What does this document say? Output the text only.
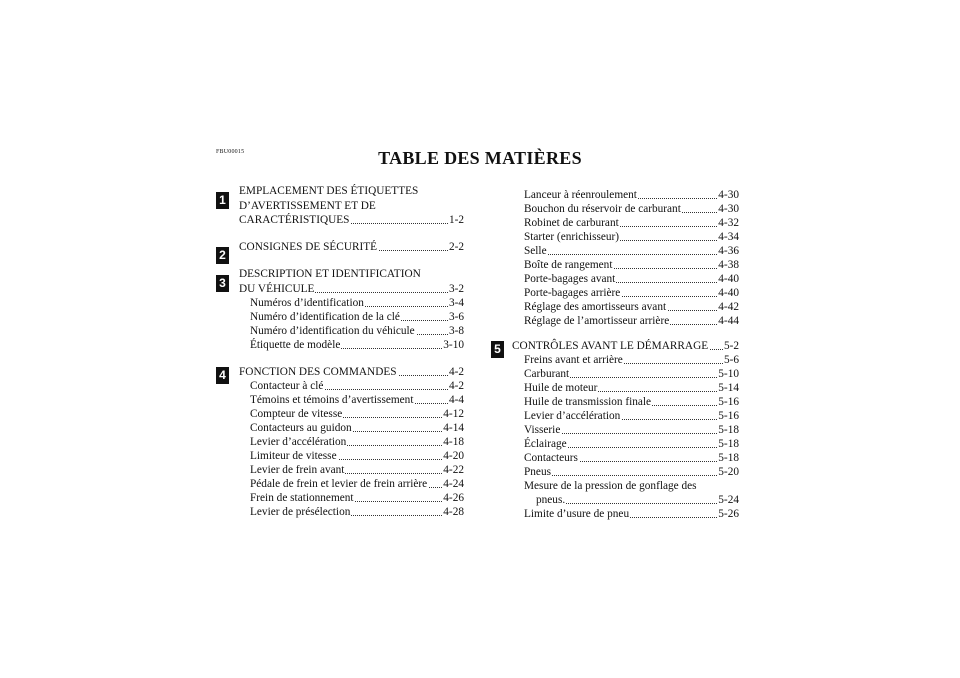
FBU00015	TABLE DES MATIÈRES
1
2
3
4
5
EMPLACEMENT DES ÉTIQUETTES
D’AVERTISSEMENT ET DE
CARACTÉRISTIQUES	1-2
CONSIGNES DE SÉCURITÉ	2-2
DESCRIPTION ET IDENTIFICATION
DU VÉHICULE	3-2
Numéros d’identification	3-4
Numéro d’identification de la clé	3-6
Numéro d’identification du véhicule	3-8
Étiquette de modèle	3-10
FONCTION DES COMMANDES	4-2
Contacteur à clé	4-2
Témoins et témoins d’avertissement	4-4
Compteur de vitesse	4-12
Contacteurs au guidon	4-14
Levier d’accélération	4-18
Limiteur de vitesse	4-20
Levier de frein avant	4-22
Pédale de frein et levier de frein arrière 4-24
Frein de stationnement	4-26
Levier de présélection	4-28
Lanceur à réenroulement	4-30
Bouchon du réservoir de carburant	4-30
Robinet de carburant	4-32
Starter (enrichisseur)	4-34
Selle	4-36
Boîte de rangement	4-38
Porte-bagages avant	4-40
Porte-bagages arrière	4-40
Réglage des amortisseurs avant	4-42
Réglage de l’amortisseur arrière	4-44
CONTRÔLES AVANT LE DÉMARRAGE 5-2
Freins avant et arrière	5-6
Carburant	5-10
Huile de moteur	5-14
Huile de transmission finale	5-16
Levier d’accélération	5-16
Visserie	5-18
Éclairage	5-18
Contacteurs	5-18
Pneus	5-20
Mesure de la pression de gonflage des
pneus.	5-24
Limite d’usure de pneu	5-26
